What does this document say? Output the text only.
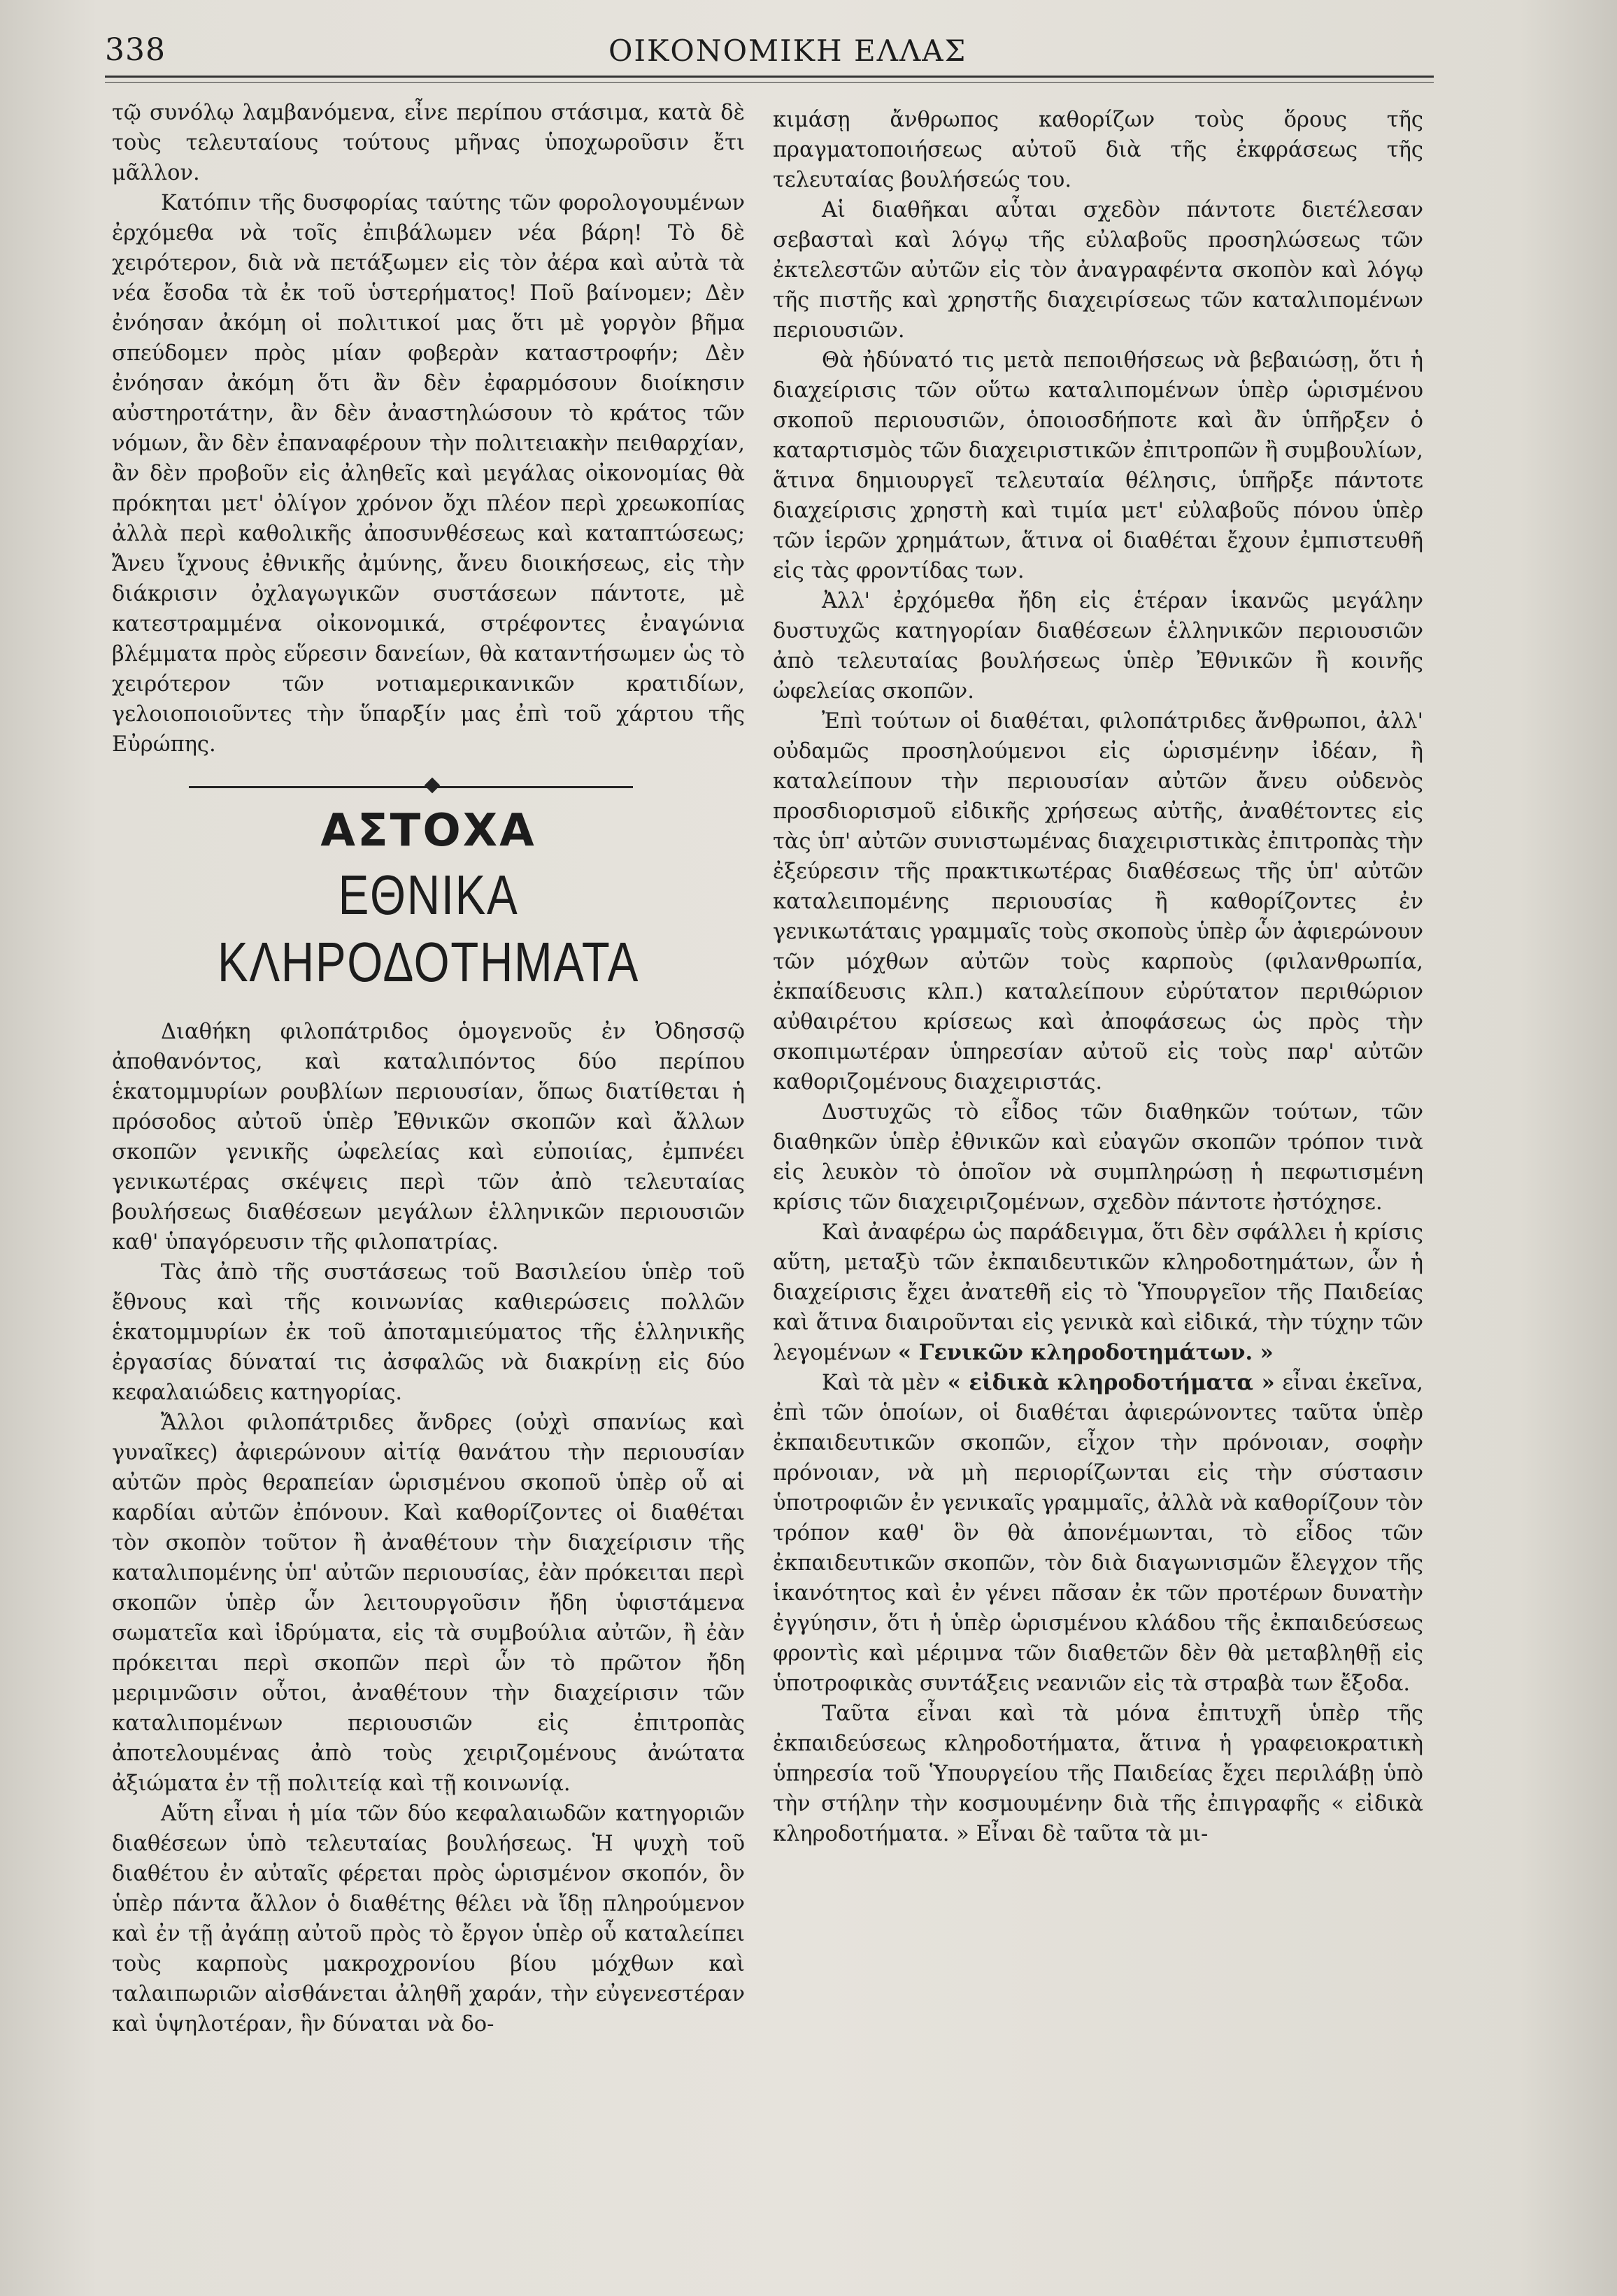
338	ΟΙΚΟΝΟΜΙΚΗ ΕΛΛΑΣ

τῷ συνόλῳ λαμβανόμενα, εἶνε περίπου στάσιμα, κατὰ δὲ τοὺς τελευταίους τούτους μῆνας ὑποχωροῦσιν ἔτι μᾶλλον.

Κατόπιν τῆς δυσφορίας ταύτης τῶν φορολογουμένων ἐρχόμεθα νὰ τοῖς ἐπιβάλωμεν νέα βάρη! Τὸ δὲ χειρότερον, διὰ νὰ πετάξωμεν εἰς τὸν ἀέρα καὶ αὐτὰ τὰ νέα ἔσοδα τὰ ἐκ τοῦ ὑστερήματος! Ποῦ βαίνομεν; Δὲν ἐνόησαν ἀκόμη οἱ πολιτικοί μας ὅτι μὲ γοργὸν βῆμα σπεύδομεν πρὸς μίαν φοβερὰν καταστροφήν; Δὲν ἐνόησαν ἀκόμη ὅτι ἂν δὲν ἐφαρμόσουν διοίκησιν αὐστηροτάτην, ἂν δὲν ἀναστηλώσουν τὸ κράτος τῶν νόμων, ἂν δὲν ἐπαναφέρουν τὴν πολιτειακὴν πειθαρχίαν, ἂν δὲν προβοῦν εἰς ἀληθεῖς καὶ μεγάλας οἰκονομίας θὰ πρόκηται μετ' ὀλίγον χρόνον ὄχι πλέον περὶ χρεωκοπίας ἀλλὰ περὶ καθολικῆς ἀποσυνθέσεως καὶ καταπτώσεως; Ἄνευ ἴχνους ἐθνικῆς ἀμύνης, ἄνευ διοικήσεως, εἰς τὴν διάκρισιν ὀχλαγωγικῶν συστάσεων πάντοτε, μὲ κατεστραμμένα οἰκονομικά, στρέφοντες ἐναγώνια βλέμματα πρὸς εὕρεσιν δανείων, θὰ καταντήσωμεν ὡς τὸ χειρότερον τῶν νοτιαμερικανικῶν κρατιδίων, γελοιοποιοῦντες τὴν ὕπαρξίν μας ἐπὶ τοῦ χάρτου τῆς Εὐρώπης.

ΑΣΤΟΧΑ
ΕΘΝΙΚΑ ΚΛΗΡΟΔΟΤΗΜΑΤΑ

Διαθήκη φιλοπάτριδος ὁμογενοῦς ἐν Ὀδησσῷ ἀποθανόντος, καὶ καταλιπόντος δύο περίπου ἑκατομμυρίων ρουβλίων περιουσίαν, ὅπως διατίθεται ἡ πρόσοδος αὐτοῦ ὑπὲρ Ἐθνικῶν σκοπῶν καὶ ἄλλων σκοπῶν γενικῆς ὠφελείας καὶ εὐποιίας, ἐμπνέει γενικωτέρας σκέψεις περὶ τῶν ἀπὸ τελευταίας βουλήσεως διαθέσεων μεγάλων ἑλληνικῶν περιουσιῶν καθ' ὑπαγόρευσιν τῆς φιλοπατρίας.

Τὰς ἀπὸ τῆς συστάσεως τοῦ Βασιλείου ὑπὲρ τοῦ ἔθνους καὶ τῆς κοινωνίας καθιερώσεις πολλῶν ἑκατομμυρίων ἐκ τοῦ ἀποταμιεύματος τῆς ἑλληνικῆς ἐργασίας δύναταί τις ἀσφαλῶς νὰ διακρίνῃ εἰς δύο κεφαλαιώδεις κατηγορίας.

Ἄλλοι φιλοπάτριδες ἄνδρες (οὐχὶ σπανίως καὶ γυναῖκες) ἀφιερώνουν αἰτίᾳ θανάτου τὴν περιουσίαν αὐτῶν πρὸς θεραπείαν ὡρισμένου σκοποῦ ὑπὲρ οὗ αἱ καρδίαι αὐτῶν ἐπόνουν. Καὶ καθορίζοντες οἱ διαθέται τὸν σκοπὸν τοῦτον ἢ ἀναθέτουν τὴν διαχείρισιν τῆς καταλιπομένης ὑπ' αὐτῶν περιουσίας, ἐὰν πρόκειται περὶ σκοπῶν ὑπὲρ ὧν λειτουργοῦσιν ἤδη ὑφιστάμενα σωματεῖα καὶ ἱδρύματα, εἰς τὰ συμβούλια αὐτῶν, ἢ ἐὰν πρόκειται περὶ σκοπῶν περὶ ὧν τὸ πρῶτον ἤδη μεριμνῶσιν οὗτοι, ἀναθέτουν τὴν διαχείρισιν τῶν καταλιπομένων περιουσιῶν εἰς ἐπιτροπὰς ἀποτελουμένας ἀπὸ τοὺς χειριζομένους ἀνώτατα ἀξιώματα ἐν τῇ πολιτείᾳ καὶ τῇ κοινωνίᾳ.

Αὕτη εἶναι ἡ μία τῶν δύο κεφαλαιωδῶν κατηγοριῶν διαθέσεων ὑπὸ τελευταίας βουλήσεως. Ἡ ψυχὴ τοῦ διαθέτου ἐν αὐταῖς φέρεται πρὸς ὡρισμένον σκοπόν, ὃν ὑπὲρ πάντα ἄλλον ὁ διαθέτης θέλει νὰ ἴδῃ πληρούμενον καὶ ἐν τῇ ἀγάπῃ αὐτοῦ πρὸς τὸ ἔργον ὑπὲρ οὗ καταλείπει τοὺς καρποὺς μακροχρονίου βίου μόχθων καὶ ταλαιπωριῶν αἰσθάνεται ἀληθῆ χαράν, τὴν εὐγενεστέραν καὶ ὑψηλοτέραν, ἣν δύναται νὰ δο-

κιμάσῃ ἄνθρωπος καθορίζων τοὺς ὅρους τῆς πραγματοποιήσεως αὐτοῦ διὰ τῆς ἐκφράσεως τῆς τελευταίας βουλήσεώς του.

Αἱ διαθῆκαι αὗται σχεδὸν πάντοτε διετέλεσαν σεβασταὶ καὶ λόγῳ τῆς εὐλαβοῦς προσηλώσεως τῶν ἐκτελεστῶν αὐτῶν εἰς τὸν ἀναγραφέντα σκοπὸν καὶ λόγῳ τῆς πιστῆς καὶ χρηστῆς διαχειρίσεως τῶν καταλιπομένων περιουσιῶν.

Θὰ ἠδύνατό τις μετὰ πεποιθήσεως νὰ βεβαιώσῃ, ὅτι ἡ διαχείρισις τῶν οὕτω καταλιπομένων ὑπὲρ ὡρισμένου σκοποῦ περιουσιῶν, ὁποιοσδήποτε καὶ ἂν ὑπῆρξεν ὁ καταρτισμὸς τῶν διαχειριστικῶν ἐπιτροπῶν ἢ συμβουλίων, ἅτινα δημιουργεῖ τελευταία θέλησις, ὑπῆρξε πάντοτε διαχείρισις χρηστὴ καὶ τιμία μετ' εὐλαβοῦς πόνου ὑπὲρ τῶν ἱερῶν χρημάτων, ἅτινα οἱ διαθέται ἔχουν ἐμπιστευθῆ εἰς τὰς φροντίδας των.

Ἀλλ' ἐρχόμεθα ἤδη εἰς ἑτέραν ἱκανῶς μεγάλην δυστυχῶς κατηγορίαν διαθέσεων ἑλληνικῶν περιουσιῶν ἀπὸ τελευταίας βουλήσεως ὑπὲρ Ἐθνικῶν ἢ κοινῆς ὠφελείας σκοπῶν.

Ἐπὶ τούτων οἱ διαθέται, φιλοπάτριδες ἄνθρωποι, ἀλλ' οὐδαμῶς προσηλούμενοι εἰς ὡρισμένην ἰδέαν, ἢ καταλείπουν τὴν περιουσίαν αὐτῶν ἄνευ οὐδενὸς προσδιορισμοῦ εἰδικῆς χρήσεως αὐτῆς, ἀναθέτοντες εἰς τὰς ὑπ' αὐτῶν συνιστωμένας διαχειριστικὰς ἐπιτροπὰς τὴν ἐξεύρεσιν τῆς πρακτικωτέρας διαθέσεως τῆς ὑπ' αὐτῶν καταλειπομένης περιουσίας ἢ καθορίζοντες ἐν γενικωτάταις γραμμαῖς τοὺς σκοποὺς ὑπὲρ ὧν ἀφιερώνουν τῶν μόχθων αὐτῶν τοὺς καρποὺς (φιλανθρωπία, ἐκπαίδευσις κλπ.) καταλείπουν εὐρύτατον περιθώριον αὐθαιρέτου κρίσεως καὶ ἀποφάσεως ὡς πρὸς τὴν σκοπιμωτέραν ὑπηρεσίαν αὐτοῦ εἰς τοὺς παρ' αὐτῶν καθοριζομένους διαχειριστάς.

Δυστυχῶς τὸ εἶδος τῶν διαθηκῶν τούτων, τῶν διαθηκῶν ὑπὲρ ἐθνικῶν καὶ εὐαγῶν σκοπῶν τρόπον τινὰ εἰς λευκὸν τὸ ὁποῖον νὰ συμπληρώσῃ ἡ πεφωτισμένη κρίσις τῶν διαχειριζομένων, σχεδὸν πάντοτε ἠστόχησε.

Καὶ ἀναφέρω ὡς παράδειγμα, ὅτι δὲν σφάλλει ἡ κρίσις αὕτη, μεταξὺ τῶν ἐκπαιδευτικῶν κληροδοτημάτων, ὧν ἡ διαχείρισις ἔχει ἀνατεθῆ εἰς τὸ Ὑπουργεῖον τῆς Παιδείας καὶ ἅτινα διαιροῦνται εἰς γενικὰ καὶ εἰδικά, τὴν τύχην τῶν λεγομένων « Γενικῶν κληροδοτημάτων. »

Καὶ τὰ μὲν « εἰδικὰ κληροδοτήματα » εἶναι ἐκεῖνα, ἐπὶ τῶν ὁποίων, οἱ διαθέται ἀφιερώνοντες ταῦτα ὑπὲρ ἐκπαιδευτικῶν σκοπῶν, εἶχον τὴν πρόνοιαν, σοφὴν πρόνοιαν, νὰ μὴ περιορίζωνται εἰς τὴν σύστασιν ὑποτροφιῶν ἐν γενικαῖς γραμμαῖς, ἀλλὰ νὰ καθορίζουν τὸν τρόπον καθ' ὃν θὰ ἀπονέμωνται, τὸ εἶδος τῶν ἐκπαιδευτικῶν σκοπῶν, τὸν διὰ διαγωνισμῶν ἔλεγχον τῆς ἱκανότητος καὶ ἐν γένει πᾶσαν ἐκ τῶν προτέρων δυνατὴν ἐγγύησιν, ὅτι ἡ ὑπὲρ ὡρισμένου κλάδου τῆς ἐκπαιδεύσεως φροντὶς καὶ μέριμνα τῶν διαθετῶν δὲν θὰ μεταβληθῇ εἰς ὑποτροφικὰς συντάξεις νεανιῶν εἰς τὰ στραβὰ των ἔξοδα.

Ταῦτα εἶναι καὶ τὰ μόνα ἐπιτυχῆ ὑπὲρ τῆς ἐκπαιδεύσεως κληροδοτήματα, ἅτινα ἡ γραφειοκρατικὴ ὑπηρεσία τοῦ Ὑπουργείου τῆς Παιδείας ἔχει περιλάβῃ ὑπὸ τὴν στήλην τὴν κοσμουμένην διὰ τῆς ἐπιγραφῆς « εἰδικὰ κληροδοτήματα. » Εἶναι δὲ ταῦτα τὰ μι-
